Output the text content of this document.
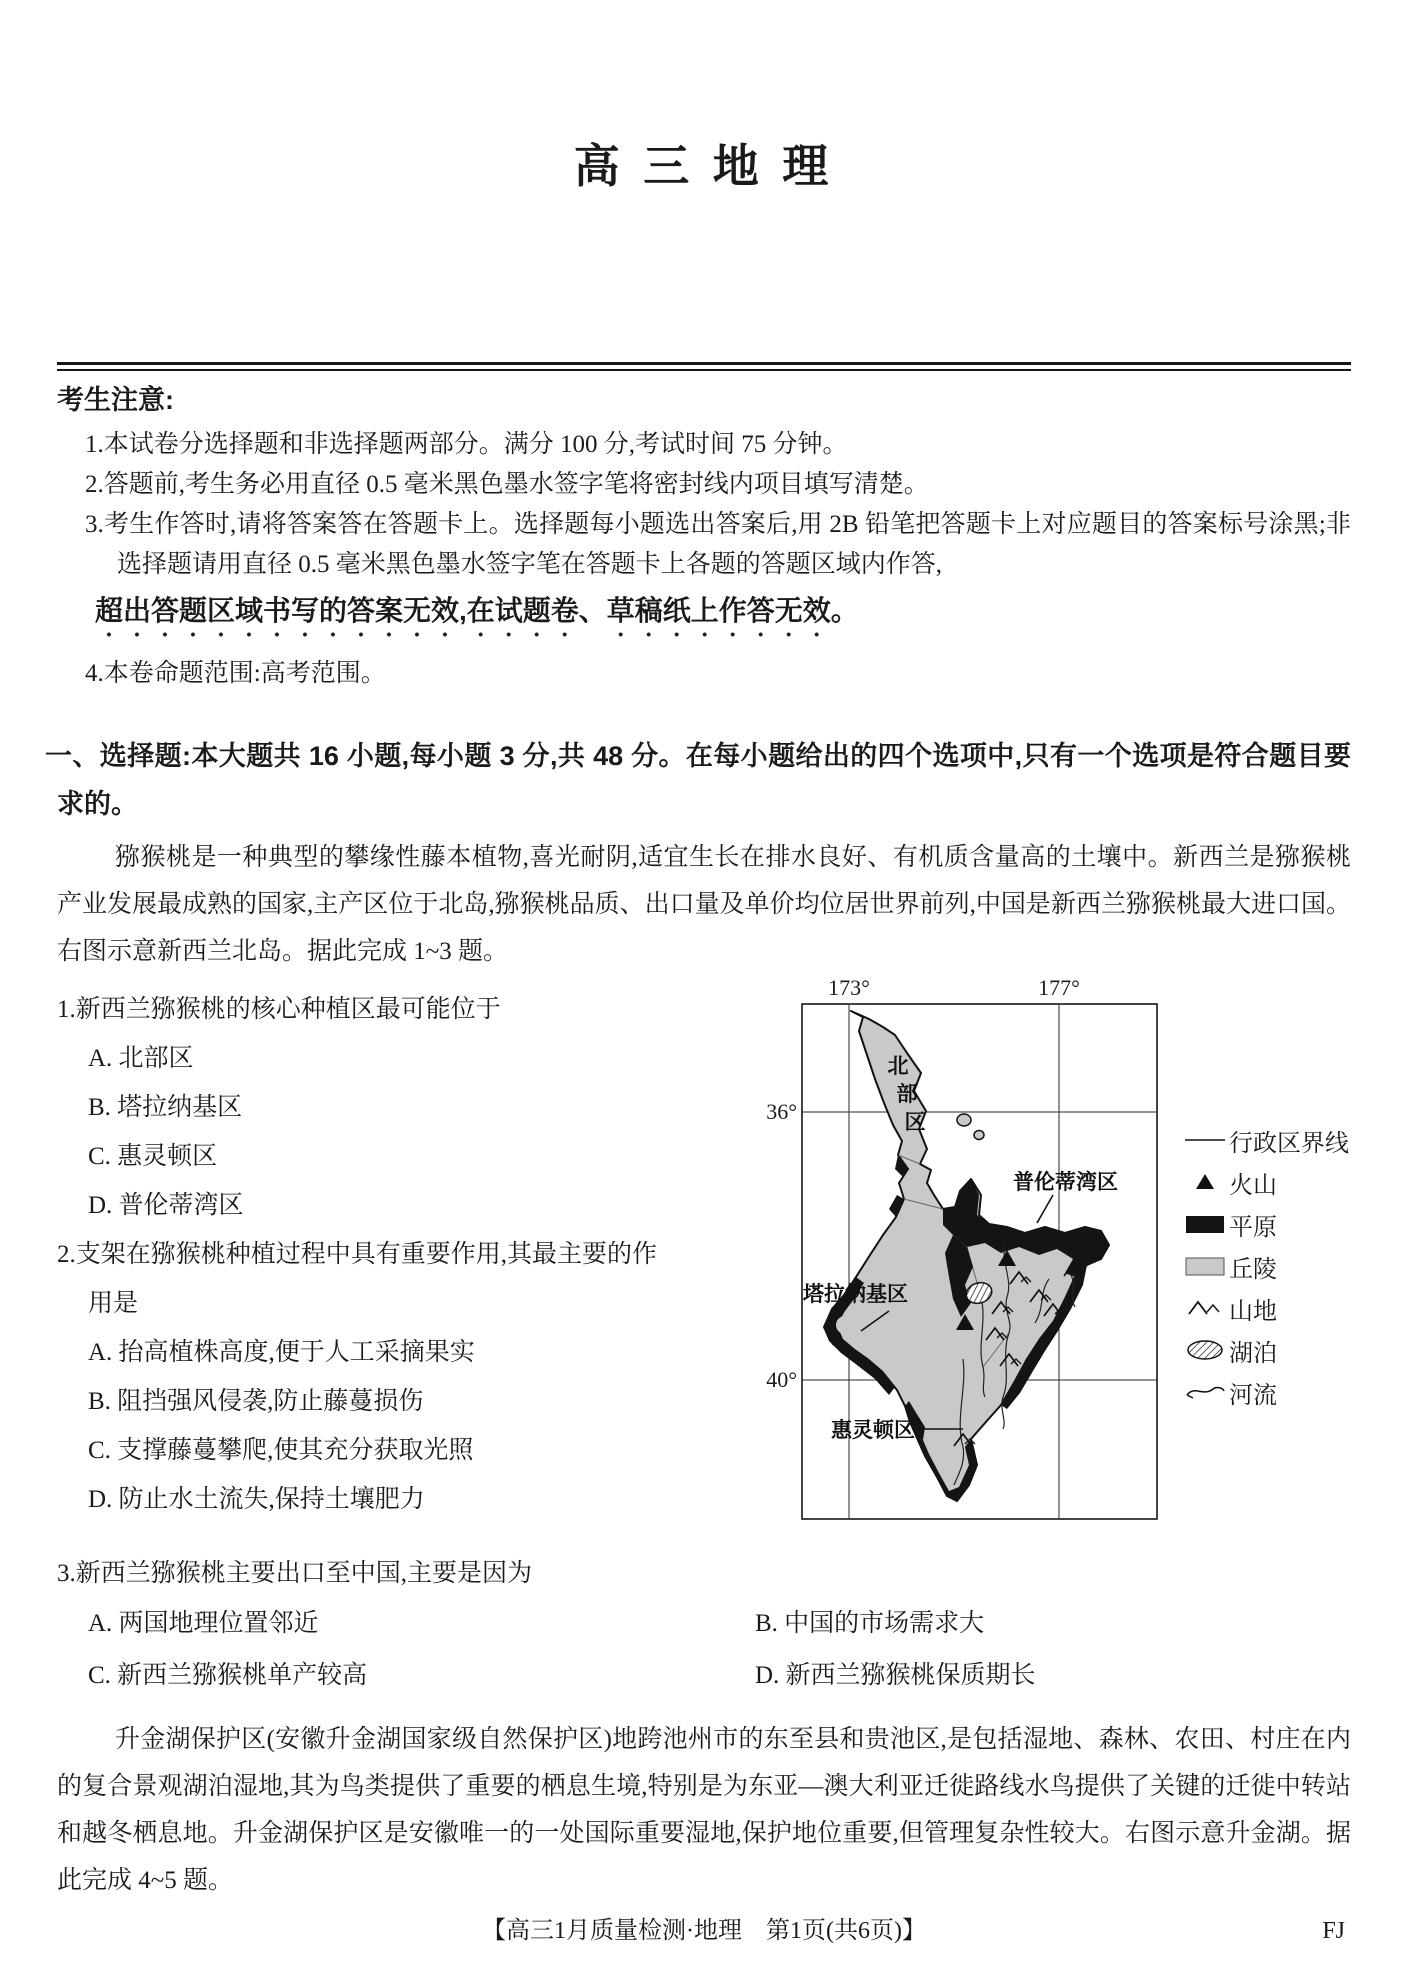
高 三 地 理
考生注意:
1.本试卷分选择题和非选择题两部分。满分 100 分,考试时间 75 分钟。
2.答题前,考生务必用直径 0.5 毫米黑色墨水签字笔将密封线内项目填写清楚。
3.考生作答时,请将答案答在答题卡上。选择题每小题选出答案后,用 2B 铅笔把答题卡上对应题目的答案标号涂黑;非选择题请用直径 0.5 毫米黑色墨水签字笔在答题卡上各题的答题区域内作答,
超出答题区域书写的答案无效,在试题卷、草稿纸上作答无效。
4.本卷命题范围:高考范围。
一、选择题:本大题共 16 小题,每小题 3 分,共 48 分。在每小题给出的四个选项中,只有一个选项是符合题目要求的。

猕猴桃是一种典型的攀缘性藤本植物,喜光耐阴,适宜生长在排水良好、有机质含量高的土壤中。新西兰是猕猴桃产业发展最成熟的国家,主产区位于北岛,猕猴桃品质、出口量及单价均位居世界前列,中国是新西兰猕猴桃最大进口国。右图示意新西兰北岛。据此完成 1~3 题。

1.新西兰猕猴桃的核心种植区最可能位于
A. 北部区
B. 塔拉纳基区
C. 惠灵顿区
D. 普伦蒂湾区
2.支架在猕猴桃种植过程中具有重要作用,其最主要的作用是
A. 抬高植株高度,便于人工采摘果实
B. 阻挡强风侵袭,防止藤蔓损伤
C. 支撑藤蔓攀爬,使其充分获取光照
D. 防止水土流失,保持土壤肥力
173°	177°
36°
40°
北
部
区
普伦蒂湾区
塔拉纳基区
惠灵顿区
行政区界线
火山
平原
丘陵
山地
湖泊
河流
3.新西兰猕猴桃主要出口至中国,主要是因为
A. 两国地理位置邻近	B. 中国的市场需求大
C. 新西兰猕猴桃单产较高	D. 新西兰猕猴桃保质期长

升金湖保护区(安徽升金湖国家级自然保护区)地跨池州市的东至县和贵池区,是包括湿地、森林、农田、村庄在内的复合景观湖泊湿地,其为鸟类提供了重要的栖息生境,特别是为东亚—澳大利亚迁徙路线水鸟提供了关键的迁徙中转站和越冬栖息地。升金湖保护区是安徽唯一的一处国际重要湿地,保护地位重要,但管理复杂性较大。右图示意升金湖。据此完成 4~5 题。

【高三1月质量检测·地理　第1页(共6页)】	FJ
